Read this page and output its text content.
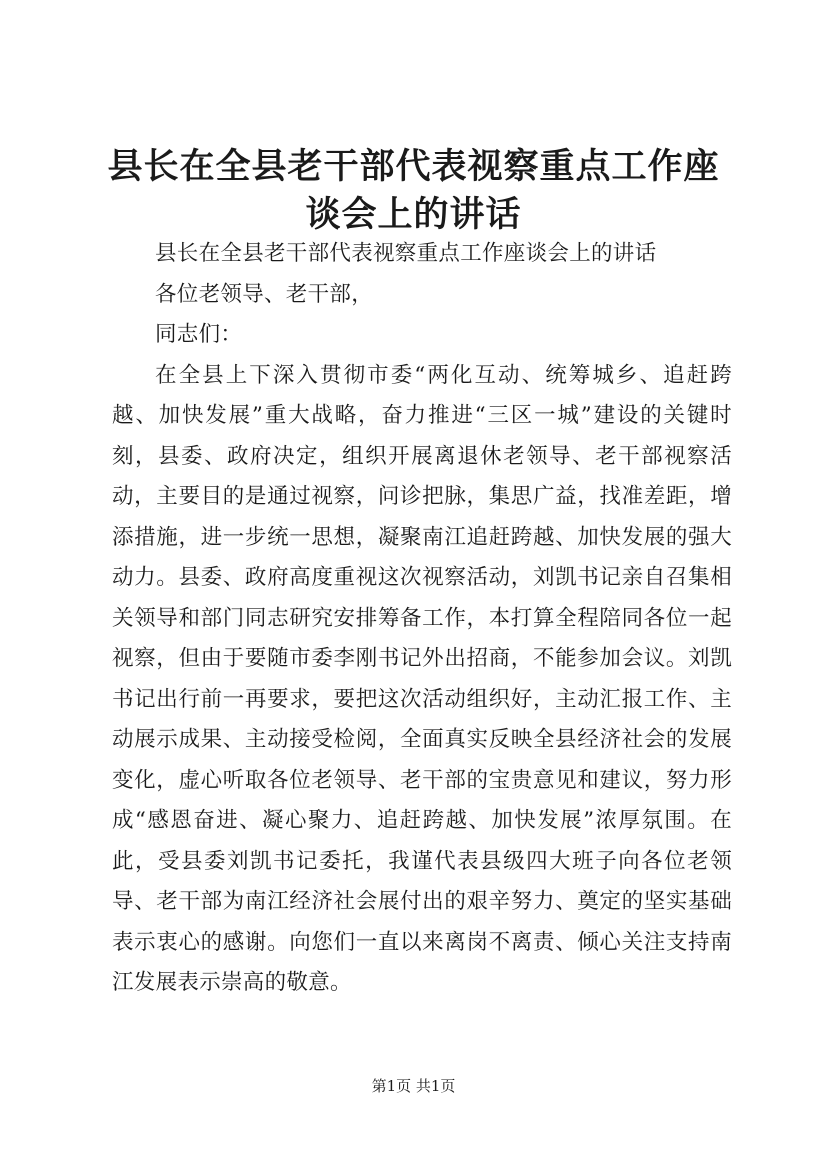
县长在全县老干部代表视察重点工作座谈会上的讲话

县长在全县老干部代表视察重点工作座谈会上的讲话

各位老领导、老干部，

同志们：

在全县上下深入贯彻市委“两化互动、统筹城乡、追赶跨越、加快发展”重大战略，奋力推进“三区一城”建设的关键时刻，县委、政府决定，组织开展离退休老领导、老干部视察活动，主要目的是通过视察，问诊把脉，集思广益，找准差距，增添措施，进一步统一思想，凝聚南江追赶跨越、加快发展的强大动力。县委、政府高度重视这次视察活动，刘凯书记亲自召集相关领导和部门同志研究安排筹备工作，本打算全程陪同各位一起视察，但由于要随市委李刚书记外出招商，不能参加会议。刘凯书记出行前一再要求，要把这次活动组织好，主动汇报工作、主动展示成果、主动接受检阅，全面真实反映全县经济社会的发展变化，虚心听取各位老领导、老干部的宝贵意见和建议，努力形成“感恩奋进、凝心聚力、追赶跨越、加快发展”浓厚氛围。在此，受县委刘凯书记委托，我谨代表县级四大班子向各位老领导、老干部为南江经济社会展付出的艰辛努力、奠定的坚实基础表示衷心的感谢。向您们一直以来离岗不离责、倾心关注支持南江发展表示崇高的敬意。

第1页 共1页
